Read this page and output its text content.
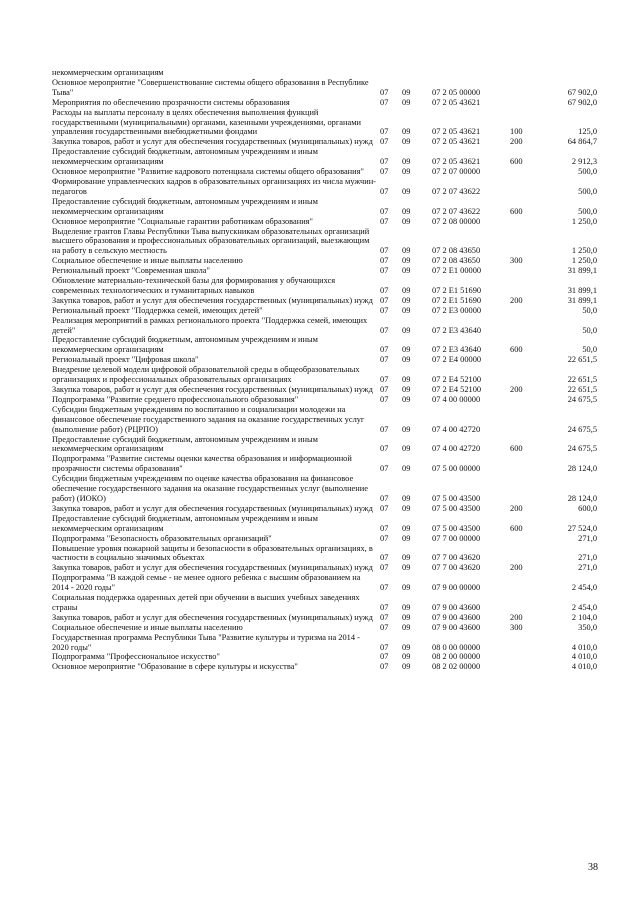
некоммерческим организациям
Основное мероприятие "Совершенствование системы общего образования в Республике Тыва"	07	09	07 2 05 00000	67 902,0
Мероприятия по обеспечению прозрачности системы образования	07	09	07 2 05 43621	67 902,0
Расходы на выплаты персоналу в целях обеспечения выполнения функций государственными (муниципальными) органами, казенными учреждениями, органами управления государственными внебюджетными фондами	07	09	07 2 05 43621	100	125,0
Закупка товаров, работ и услуг для обеспечения государственных (муниципальных) нужд 07	09	07 2 05 43621	200	64 864,7
Предоставление субсидий бюджетным, автономным учреждениям и иным некоммерческим организациям	07	09	07 2 05 43621	600	2 912,3
Основное мероприятие "Развитие кадрового потенциала системы общего образования"	07	09	07 2 07 00000	500,0
Формирование управленческих кадров в образовательных организациях из числа мужчин-педагогов	07	09	07 2 07 43622	500,0
Предоставление субсидий бюджетным, автономным учреждениям и иным некоммерческим организациям	07	09	07 2 07 43622	600	500,0
Основное мероприятие "Социальные гарантии работникам образования"	07	09	07 2 08 00000	1 250,0
Выделение грантов Главы Республики Тыва выпускникам образовательных организаций высшего образования и профессиональных образовательных организаций, выезжающим на работу в сельскую местность	07	09	07 2 08 43650	1 250,0
Социальное обеспечение и иные выплаты населению	07	09	07 2 08 43650	300	1 250,0
Региональный проект "Современная школа"	07	09	07 2 E1 00000	31 899,1
Обновление материально-технической базы для формирования у обучающихся современных технологических и гуманитарных навыков	07	09	07 2 E1 51690	31 899,1
Закупка товаров, работ и услуг для обеспечения государственных (муниципальных) нужд 07	09	07 2 E1 51690	200	31 899,1
Региональный проект "Поддержка семей, имеющих детей"	07	09	07 2 E3 00000	50,0
Реализация мероприятий в рамках регионального проекта "Поддержка семей, имеющих детей"	07	09	07 2 E3 43640	50,0
Предоставление субсидий бюджетным, автономным учреждениям и иным некоммерческим организациям	07	09	07 2 E3 43640	600	50,0
Региональный проект "Цифровая школа"	07	09	07 2 E4 00000	22 651,5
Внедрение целевой модели цифровой образовательной среды в общеобразовательных организациях и профессиональных образовательных организациях	07	09	07 2 E4 52100	22 651,5
Закупка товаров, работ и услуг для обеспечения государственных (муниципальных) нужд 07	09	07 2 E4 52100	200	22 651,5
Подпрограмма "Развитие среднего профессионального образования"	07	09	07 4 00 00000	24 675,5
Субсидии бюджетным учреждениям по воспитанию и социализации молодежи на финансовое обеспечение государственного задания на оказание государственных услуг (выполнение работ) (РЦРПО)	07	09	07 4 00 42720	24 675,5
Предоставление субсидий бюджетным, автономным учреждениям и иным некоммерческим организациям	07	09	07 4 00 42720	600	24 675,5
Подпрограмма "Развитие системы оценки качества образования и информационной прозрачности системы образования"	07	09	07 5 00 00000	28 124,0
Субсидии бюджетным учреждениям по оценке качества образования на финансовое обеспечение государственного задания на оказание государственных услуг (выполнение работ) (ИОКО)	07	09	07 5 00 43500	28 124,0
Закупка товаров, работ и услуг для обеспечения государственных (муниципальных) нужд 07	09	07 5 00 43500	200	600,0
Предоставление субсидий бюджетным, автономным учреждениям и иным некоммерческим организациям	07	09	07 5 00 43500	600	27 524,0
Подпрограмма "Безопасность образовательных организаций"	07	09	07 7 00 00000	271,0
Повышение уровня пожарной защиты и безопасности в образовательных организациях, в частности в социально значимых объектах	07	09	07 7 00 43620	271,0
Закупка товаров, работ и услуг для обеспечения государственных (муниципальных) нужд 07	09	07 7 00 43620	200	271,0
Подпрограмма "В каждой семье - не менее одного ребенка с высшим образованием на 2014 - 2020 годы"	07	09	07 9 00 00000	2 454,0
Социальная поддержка одаренных детей при обучении в высших учебных заведениях страны	07	09	07 9 00 43600	2 454,0
Закупка товаров, работ и услуг для обеспечения государственных (муниципальных) нужд 07	09	07 9 00 43600	200	2 104,0
Социальное обеспечение и иные выплаты населению	07	09	07 9 00 43600	300	350,0
Государственная программа Республики Тыва "Развитие культуры и туризма на 2014 - 2020 годы"	07	09	08 0 00 00000	4 010,0
Подпрограмма "Профессиональное искусство"	07	09	08 2 00 00000	4 010,0
Основное мероприятие "Образование в сфере культуры и искусства"	07	09	08 2 02 00000	4 010,0
38
